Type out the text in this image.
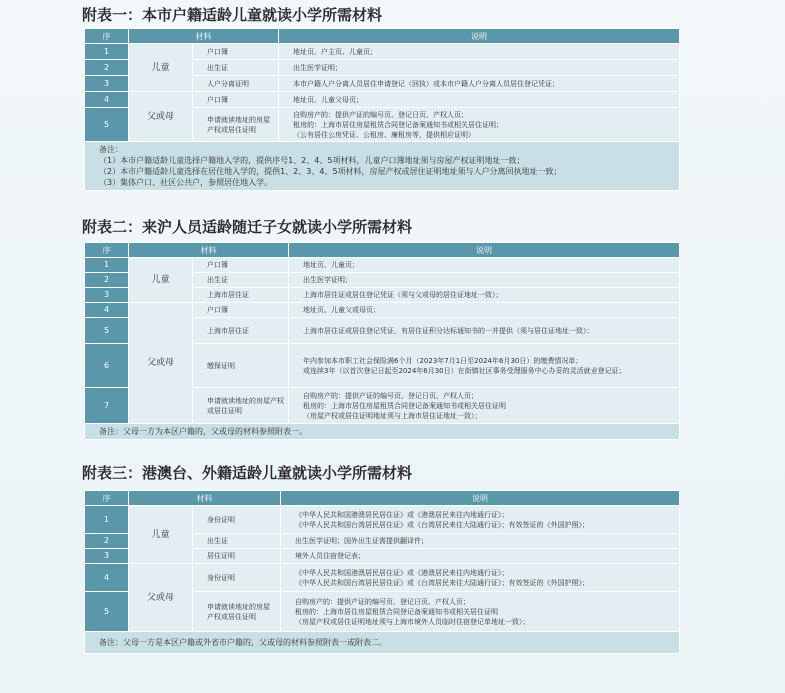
附表一：本市户籍适龄儿童就读小学所需材料
序	材料		说明
1	儿童	户口簿	地址页、户主页、儿童页；

2		出生证	出生医学证明；

3		人户分离证明	本市户籍人户分离人员居住申请登记（回执）或本市户籍人户分离人员居住登记凭证；

4	父或母	户口簿	地址页、儿童父母页；

5		申请就读地址的房屋产权或居住证明	自购房产的：提供产证的编号页、登记日页、产权人页；
租房的：上海市居住房屋租赁合同登记备案通知书或相关居住证明；
（公有居住公房凭证、公租房、廉租房等，提供相应证明）

备注：
（1）本市户籍适龄儿童选择户籍地入学的，提供序号1、2、4、5项材料，儿童户口簿地址须与房屋产权证明地址一致；
（2）本市户籍适龄儿童选择在居住地入学的，提供1、2、3、4、5项材料，房屋产权或居住证明地址须与人户分离回执地址一致；
（3）集体户口、社区公共户，参照居住地入学。			
附表二：来沪人员适龄随迁子女就读小学所需材料
序	材料		说明
1	儿童	户口簿	地址页、儿童页；

2		出生证	出生医学证明；

3		上海市居住证	上海市居住证或居住登记凭证（须与父或母的居住证地址一致）；

4	父或母	户口簿	地址页、儿童父或母页；

5		上海市居住证	上海市居住证或居住登记凭证，有居住证积分达标通知书的一并提供（须与居住证地址一致）；

6		缴保证明	年内参加本市职工社会保险满6个月（2023年7月1日至2024年6月30日）的缴费情况单；
或连续3年（以首次登记日起至2024年6月30日）在街镇社区事务受理服务中心办妥的灵活就业登记证；

7		申请就读地址的房屋产权或居住证明	自购房产的：提供产证的编号页、登记日页、产权人页；
租房的：上海市居住房屋租赁合同登记备案通知书或相关居住证明
（房屋产权或居住证明地址须与上海市居住证地址一致）；

备注：父母一方为本区户籍的，父或母的材料参照附表一。			
附表三：港澳台、外籍适龄儿童就读小学所需材料
序	材料		说明
1	儿童	身份证明	《中华人民共和国港澳居民居住证》或《港澳居民来往内地通行证》；
《中华人民共和国台湾居民居住证》或《台湾居民来往大陆通行证》；有效签证的《外国护照》；

2		出生证	出生医学证明；国外出生证需提供翻译件；

3		居住证明	境外人员住宿登记表；

4	父或母	身份证明	《中华人民共和国港澳居民居住证》或《港澳居民来往内地通行证》；
《中华人民共和国台湾居民居住证》或《台湾居民来往大陆通行证》；有效签证的《外国护照》；

5		申请就读地址的房屋产权或居住证明	自购房产的：提供产证的编号页、登记日页、产权人页；
租房的：上海市居住房屋租赁合同登记备案通知书或相关居住证明
（房屋产权或居住证明地址须与上海市境外人员临时住宿登记单地址一致）；

备注：父母一方是本区户籍或外省市户籍的，父或母的材料参照附表一或附表二。			
